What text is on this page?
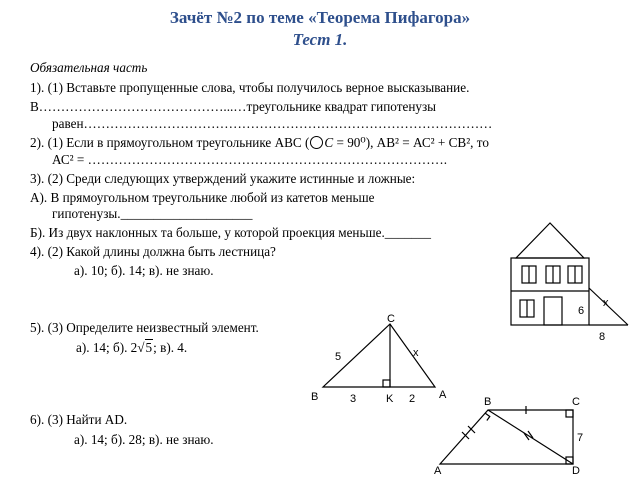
Зачёт №2 по теме «Теорема Пифагора»
Тест 1.
Обязательная часть
1). (1) Вставьте пропущенные слова, чтобы получилось верное высказывание.
В……………………………………...…треугольнике квадрат гипотенузы
равен…………………………………………………………………………………
2). (1) Если в прямоугольном треугольнике АВС ( C = 90⁰), АВ² = АС² + СВ², то
АС² = ……………………………………………………………………….
3). (2) Среди следующих утверждений укажите истинные и ложные:
А). В прямоугольном треугольнике любой из катетов меньше
гипотенузы.____________________
Б). Из двух наклонных та больше, у которой проекция меньше._______
4). (2) Какой длины должна быть лестница?
а). 10; б). 14; в). не знаю.
5). (3) Определите неизвестный элемент.
а). 14; б). 2√5; в). 4.
6). (3) Найти AD.
а). 14; б). 28; в). не знаю.
x
6
8
C
B	A
K
5	x
3	2	B	C
A	D
7
